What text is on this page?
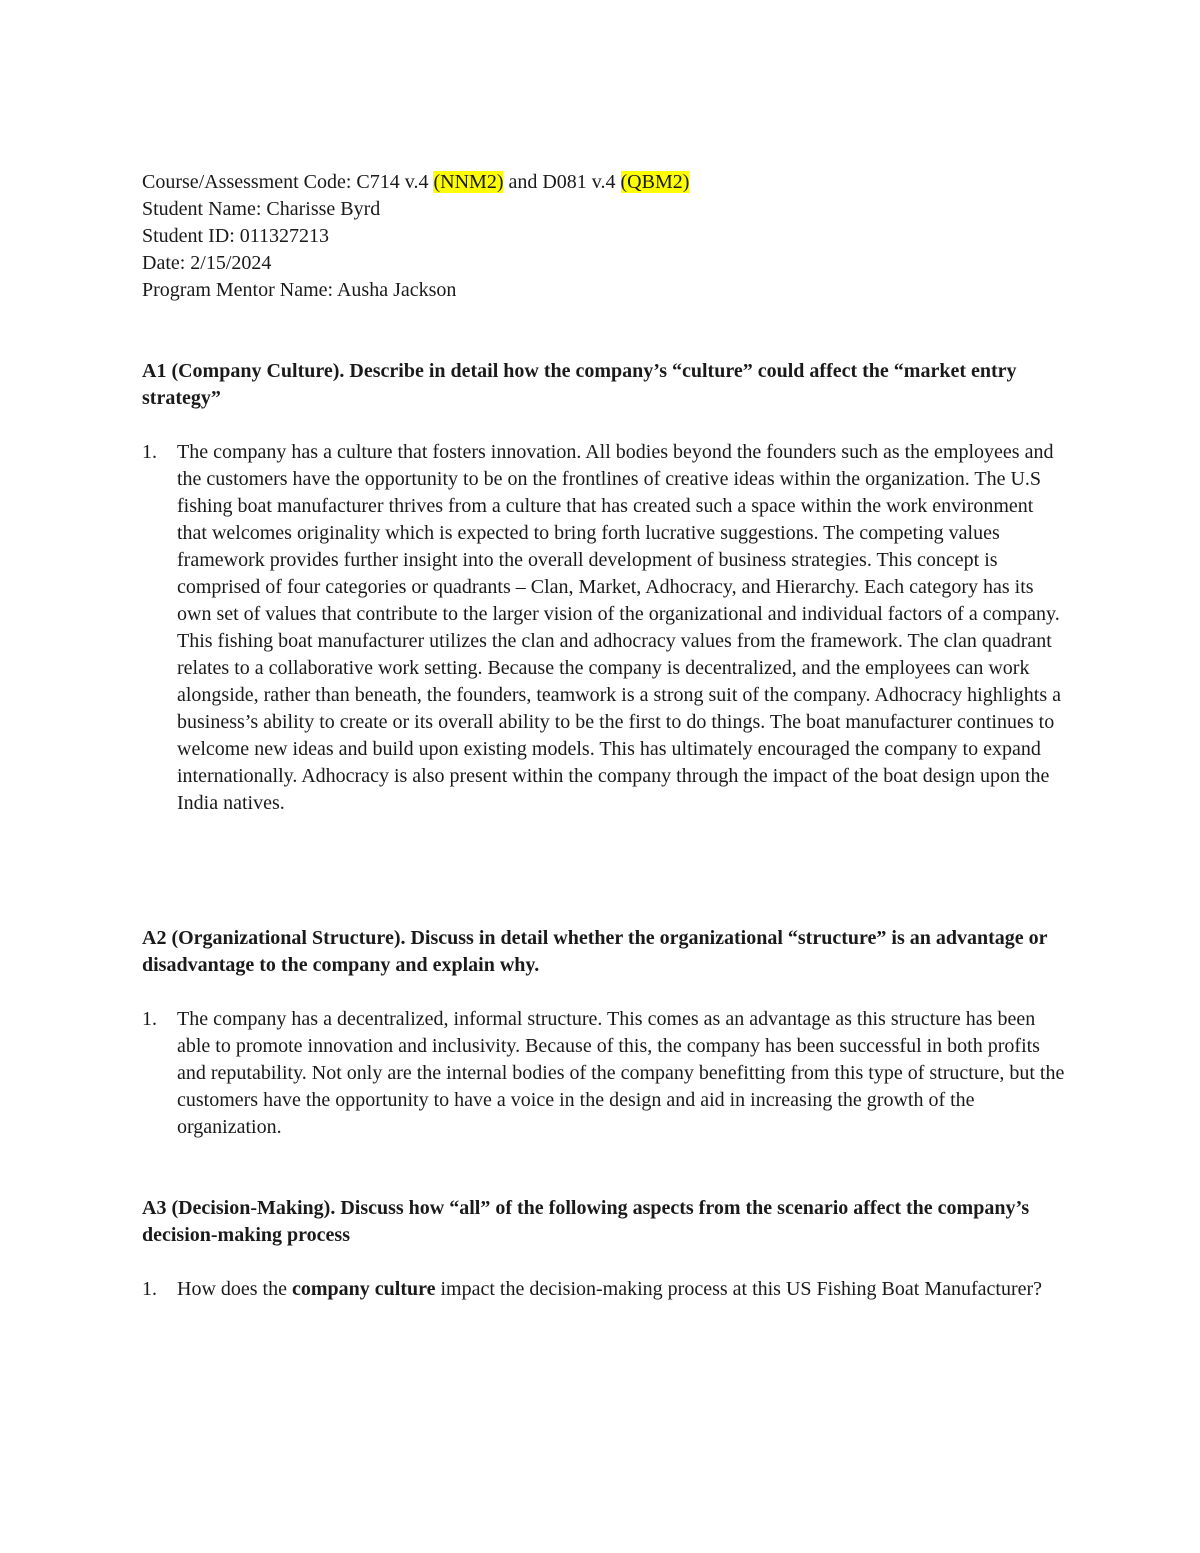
Course/Assessment Code: C714 v.4 (NNM2) and D081 v.4 (QBM2)

Student Name: Charisse Byrd

Student ID: 011327213

Date: 2/15/2024

Program Mentor Name: Ausha Jackson

A1 (Company Culture). Describe in detail how the company’s “culture” could affect the “market entry strategy”

1. The company has a culture that fosters innovation. All bodies beyond the founders such as the employees and the customers have the opportunity to be on the frontlines of creative ideas within the organization. The U.S fishing boat manufacturer thrives from a culture that has created such a space within the work environment that welcomes originality which is expected to bring forth lucrative suggestions. The competing values framework provides further insight into the overall development of business strategies. This concept is comprised of four categories or quadrants – Clan, Market, Adhocracy, and Hierarchy. Each category has its own set of values that contribute to the larger vision of the organizational and individual factors of a company. This fishing boat manufacturer utilizes the clan and adhocracy values from the framework. The clan quadrant relates to a collaborative work setting. Because the company is decentralized, and the employees can work alongside, rather than beneath, the founders, teamwork is a strong suit of the company. Adhocracy highlights a business’s ability to create or its overall ability to be the first to do things. The boat manufacturer continues to welcome new ideas and build upon existing models. This has ultimately encouraged the company to expand internationally. Adhocracy is also present within the company through the impact of the boat design upon the India natives.

A2 (Organizational Structure). Discuss in detail whether the organizational “structure” is an advantage or disadvantage to the company and explain why.

1. The company has a decentralized, informal structure. This comes as an advantage as this structure has been able to promote innovation and inclusivity. Because of this, the company has been successful in both profits and reputability. Not only are the internal bodies of the company benefitting from this type of structure, but the customers have the opportunity to have a voice in the design and aid in increasing the growth of the organization.

A3 (Decision-Making). Discuss how “all” of the following aspects from the scenario affect the company’s decision-making process

1. How does the company culture impact the decision-making process at this US Fishing Boat Manufacturer?
